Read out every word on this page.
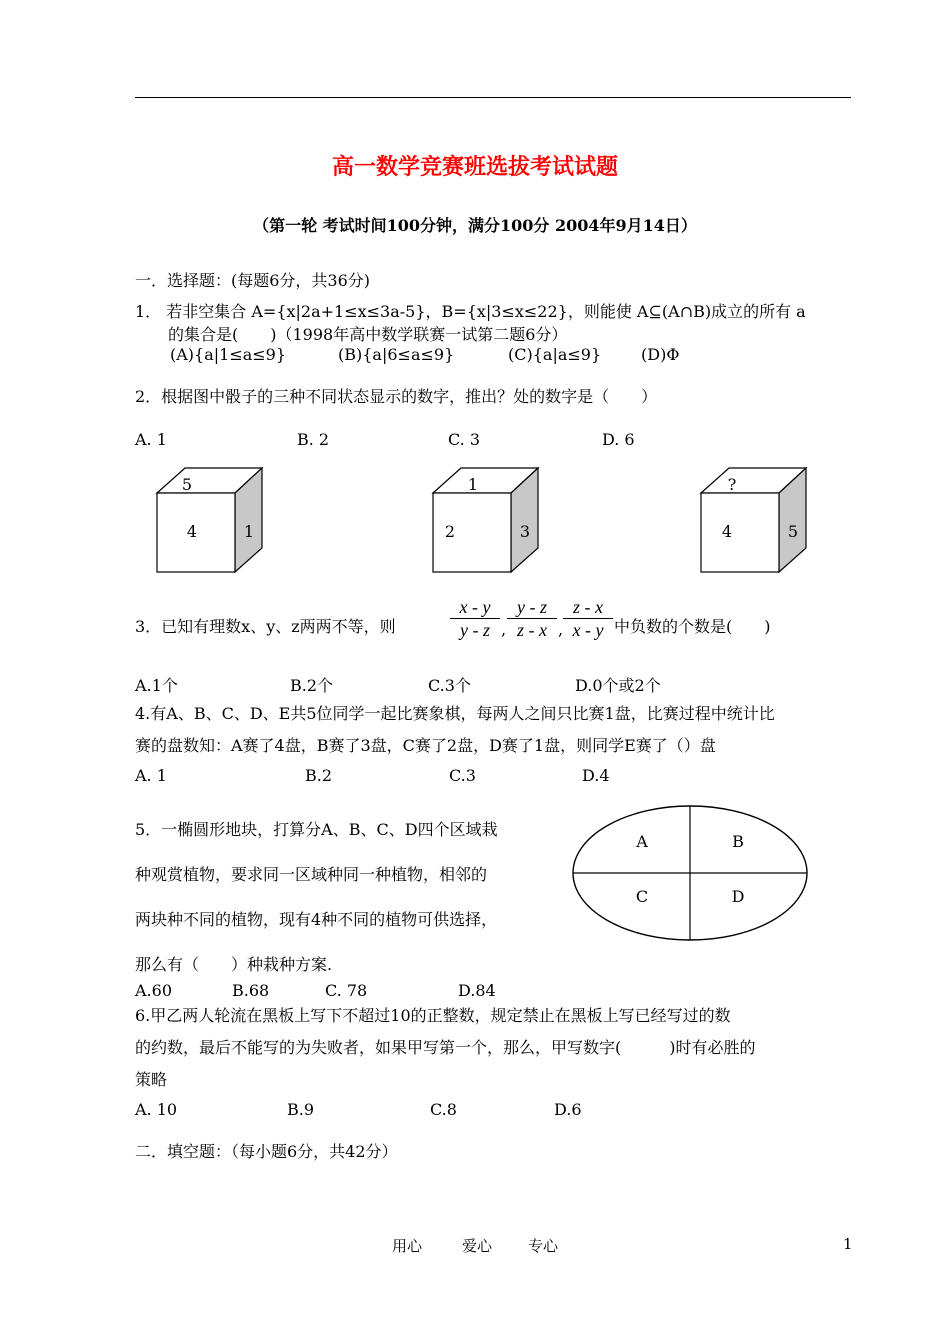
高一数学竞赛班选拔考试试题
（第一轮 考试时间100分钟，满分100分 2004年9月14日）
一．选择题：(每题6分，共36分)
1． 若非空集合 A={x|2a+1≤x≤3a-5}，B={x|3≤x≤22}，则能使 A⊆(A∩B)成立的所有 a
的集合是(　　)（1998年高中数学联赛一试第二题6分）
(A){a|1≤a≤9}	(B){a|6≤a≤9}	(C){a|a≤9} (D)Φ
2．根据图中骰子的三种不同状态显示的数字，推出？处的数字是（　　）
A. 1	B. 2	C. 3	D. 6
5
4	1
1
2	3
?
4	5
3．已知有理数x、y、z两两不等，则
x - y
y - z ,
y - z
z - x ,
z - x
x - y 中负数的个数是(　　)
A.1个	B.2个	C.3个	D.0个或2个
4.有A、B、C、D、E共5位同学一起比赛象棋，每两人之间只比赛1盘，比赛过程中统计比
赛的盘数知：A赛了4盘，B赛了3盘，C赛了2盘，D赛了1盘，则同学E赛了（）盘
A. 1	B.2	C.3	D.4
5．一椭圆形地块，打算分A、B、C、D四个区域栽
种观赏植物，要求同一区域种同一种植物，相邻的
两块种不同的植物，现有4种不同的植物可供选择，
那么有（　　）种栽种方案.
A	B
C	D
A.60	B.68	C. 78	D.84
6.甲乙两人轮流在黑板上写下不超过10的正整数，规定禁止在黑板上写已经写过的数
的约数，最后不能写的为失败者，如果甲写第一个，那么，甲写数字(　　　)时有必胜的
策略
A. 10	B.9	C.8	D.6
二．填空题：（每小题6分，共42分）
用心	爱心 专心	1
